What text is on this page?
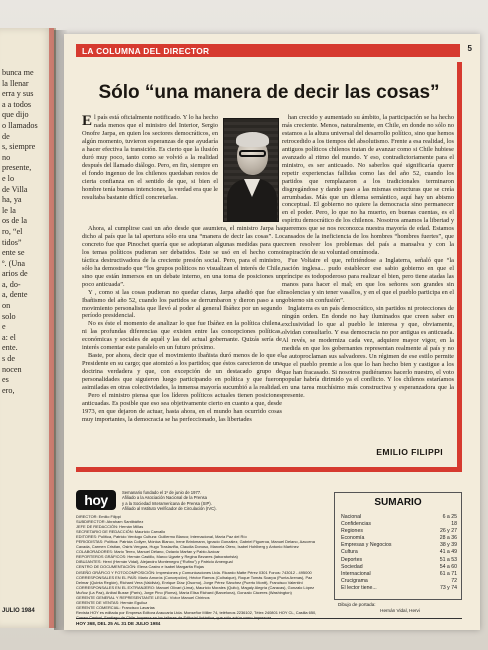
bunca me
la llenar
erra y sus
a a todos
que dijo
o llamados
de
s, siempre
no
presente,
e lo
de Villa
ha, ya
le la
os de la
ro, “el
tidos”
ente se
º. (Una
arios de
a, do-
a, dente
on
solo
e
a: el
ente.
s de
nocen
es
ero,
JULIO 1984
LA COLUMNA DEL DIRECTOR	5
Sólo “una manera de decir las cosas”

El país está oficialmente notificado. Y lo ha hecho nada menos que el ministro del Interior, Sergio Onofre Jarpa, en quien los sectores democráticos, en algún momento, tuvieron esperanzas de que ayudaría a hacer efectiva la transición. Es cierto que la ilusión duró muy poco, tanto como se volvió a la realidad después del llamado diálogo. Pero, en fin, siempre en el fondo ingenuo de los chilenos quedaban restos de cierta confianza en el sentido de que, si bien el hombre tenía buenas intenciones, la verdad era que le resultaba bastante difícil concretarlas.

Ahora, al cumplirse casi un año desde que asumiera, el ministro Jarpa ha dicho al país que la tal apertura sólo era una “manera de decir las cosas”. Lo concreto fue que Pinochet quería que se adoptaran algunas medidas para que los temas políticos pudieran ser debatidos. Este se usó en el hecho como táctica destructivadora de la creciente presión social. Pero, para el ministro, sólo ha demostrado que “los grupos políticos no visualizan el interés de Chile, sino que están inmersos en un debate interno, en una toma de posiciones un poco anticuada”.

Y , como si las cosas pudieran no quedar claras, Jarpa añadió que fue el Ibañismo del año 52, cuando los partidos se derrumbaron y dieron paso a un movimiento personalista que llevó al poder al general Ibáñez por un segundo período presidencial.

No es éste el momento de analizar lo que fue Ibáñez en la política chilena, ni las profundas diferencias que existen entre las concepciones políticas, económicas y sociales de aquél y las del actual gobernante. Quizás sería de interés comentar este paralelo en un futuro próximo.

Baste, por ahora, decir que el movimiento ibañista duró menos de lo que el Presidente en su cargo; que atomizó a los partidos; que éstos carecieron de una doctrina verdadera y que, con excepción de un destacado grupo de personalidades que siguieron luego participando en política y que fueron asimiladas en otras colectividades, la inmensa mayoría sucumbió a la realidad.

Pero el ministro piensa que los líderes políticos actuales tienen posiciones anticuadas. Es posible que eso sea objetivamente cierto en cuanto a que, desde 1973, en que dejaron de actuar, hasta ahora, en el mundo han ocurrido cosas muy importantes, la democracia se ha perfeccionado, las libertades

han crecido y aumentado su ámbito, la participación se ha hecho más creciente. Menos, naturalmente, en Chile, en donde no sólo no estamos a la altura universal del desarrollo político, sino que hemos retrocedido a los tiempos del absolutismo. Frente a esa realidad, los antiguos políticos chilenos tratan de avanzar como si Chile hubiese avanzado al ritmo del mundo. Y eso, contradictoriamente para el ministro, es ser anticuado. No saberlos qué significaría querer repetir experiencias fallidas como las del año 52, cuando los partidos que remplazaron a los tradicionales terminaron disgregándose y dando paso a las mismas estructuras que se creía arrumbadas. Más que un dilema semántico, aquí hay un abismo conceptual. El gobierno no quiere la democracia sino permanecer en el poder. Pero, lo que no ha muerto, en buenas cuentas, es el espíritu democrático de los chilenos. Nosotros amamos la libertad y queremos que se nos reconozca nuestra mayoría de edad. Estamos cansados de la ineficiencia de los hombres “hombres fuertes”, que creen resolver los problemas del país a mansalva y con la inspiración de su voluntad omnímoda.

Fue Voltaire el que, refiriéndose a Inglaterra, señaló que “la nación inglesa... pudo establecer ese sabio gobierno en que el príncipe es todopoderoso para realizar el bien, pero tiene atadas las manos para hacer el mal; en que los señores son grandes sin insolencias y sin tener vasallos, y en el que el pueblo participa en el gobierno sin confusión”.

Inglaterra es un país democrático, sin partidos ni protecciones de ningún orden. En donde no hay iluminados que creen saber en exclusividad lo que al pueblo le interesa y que, obviamente, olvidan consultarlo. Y esa democracia no por antigua es anticuada. Al revés, se moderniza cada vez, adquiere mayor vigor, en la medida en que los gobernantes representan realmente al país y no se autoproclaman sus salvadores. Un régimen de ese estilo permite que el pueblo premie a los que lo han hecho bien y castigue a los que han fracasado. Si nosotros pudiéramos hacerlo nuestro, el voto popular habría dirimido ya el conflicto. Y los chilenos estaríamos en una tarea muchísimo más constructiva y esperanzadora que la presente.

EMILIO FILIPPI
hoy	Semanario fundado el 1º de junio de 1977.
Afiliado a la Asociación Nacional de la Prensa
y a la Sociedad Interamericana de Prensa (SIP).
Afiliado al Instituto Verificador de Circulación (IVC).
DIRECTOR: Emilio Filippi
SUBDIRECTOR: Abraham Santibáñez
JEFE DE REDACCIÓN: Hernán Millas
SECRETARIO DE REDACCIÓN: Mauricio Carvallo
EDITORES: Política, Patricio Verdugo Cultura: Guillermo Blanco; Internacional, María Paz del Río
PERIODISTAS: Política: Patricia Collyer, Mónica Blanco, Irene Brinkmann, Ignacio González, Gabriel Figueroa, Manuel Delano, Azucena Cavada, Carmen Cristian, Osiris Vergara, Hugo Traslaviña, Claudia Donoso, Marcela Otero, Isabel Hohlberg y Antonio Martínez
COLABORADORES: Mario Tereo, Manuel Délano, Octavio Marfan y Pablo Azócar
REPORTEROS GRÁFICOS: Hernán Castillo, Marco Ugarte y Regina Bezares (laboratorista)
DIBUJANTES: Hervi (Hernán Vidal), Alejandro Montenegro (“Rufino”) y Patricio Amengual
CENTRO DE DOCUMENTACIÓN: Elena Castro e Isabel Margarita Rojas
DISEÑO GRÁFICO Y FOTOCOMPOSICIÓN: Impresiones y Comunicaciones Ltda. Ricardo Matte Pérez 0301 Fonos: 743012 - 495000
CORRESPONSALES EN EL PAÍS: Mario Amorós (Concepción), Héctor Ramos (Coihaique), Roque Tomás Scarpa (Punta Arenas), Paz Delmar (Quinta Región), Richard Vera (Valdivia), Enrique Díaz (Osorno), Jorge Pérez Sánchez (Puerto Montt), Francisco Valentini
CORRESPONSALES EN EL EXTRANJERO: Manuel Olivari (Lima), Mauricio Morales (Quito), Magaly Alegría (Caracas), Gonzalo López Muñoz (La Paz), Anibal Busse (París), Jorge Pino (Roma), María Elisa Richard (Barcelona), Gonzalo Cáceres (Washington)
GERENTE GENERAL Y REPRESENTANTE LEGAL: Víctor Manuel Chirinos
GERENTE DE VENTAS: Hernán Eguiluz
GERENTE COMERCIAL: Francisco Lavarias
Revista HOY es editada por Empresa Editora Araucaria Ltda. Monseñor Miller 74, teléfonos 2236102, Télex 240801 HOY CL, Casilla 650,
HOY 368, DEL 25 AL 31 DE JULIO 1984
SUMARIO
Nacional	6 a 25
Confidencias	18
Regiones	26 y 27
Economía	28 a 36
Empresas y Negocios	38 y 39
Cultura	41 a 49
Deportes	51 a 53
Sociedad	54 a 60
Internacional	61 a 71
Crucigrama	72
El lector tiene...	73 y 74
Dibujo de portada:
Hernán Vidal, Hervi
